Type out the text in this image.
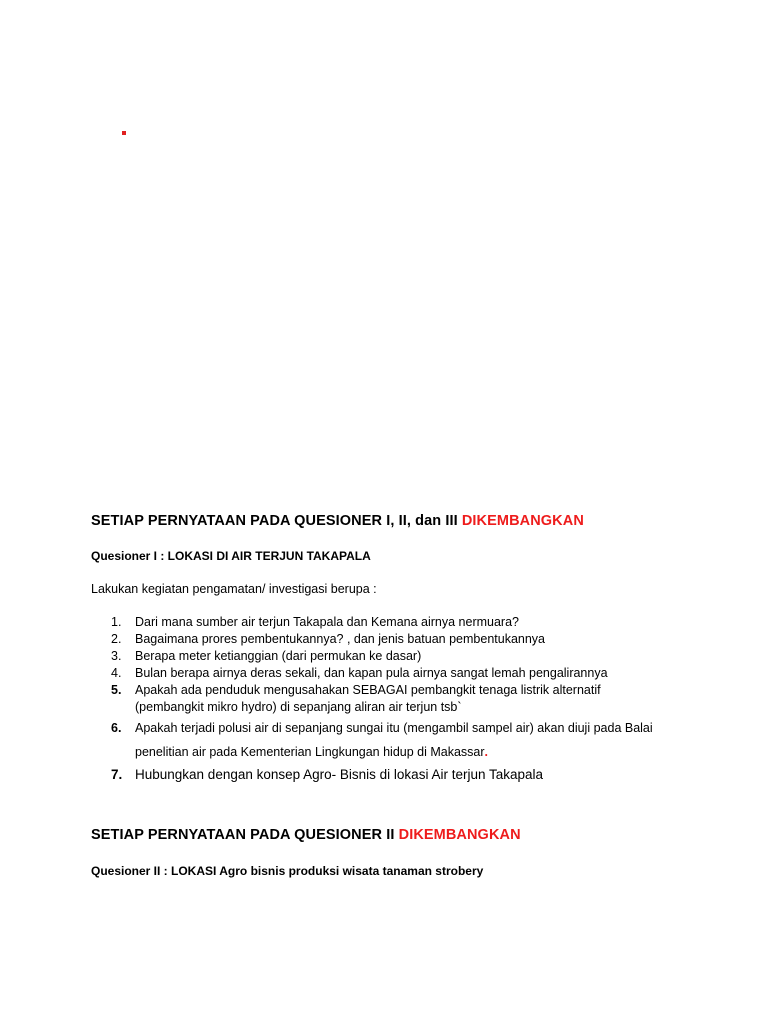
SETIAP PERNYATAAN PADA QUESIONER I, II, dan III DIKEMBANGKAN
Quesioner I : LOKASI DI AIR TERJUN TAKAPALA
Lakukan kegiatan pengamatan/ investigasi berupa :
1. Dari mana sumber air terjun Takapala dan Kemana airnya nermuara?
2. Bagaimana prores pembentukannya? , dan jenis batuan pembentukannya
3. Berapa meter ketianggian (dari permukan ke dasar)
4. Bulan berapa airnya deras sekali, dan kapan pula airnya sangat lemah pengalirannya
5. Apakah ada penduduk mengusahakan SEBAGAI pembangkit tenaga listrik alternatif
(pembangkit mikro hydro) di sepanjang aliran air terjun tsb`
6. Apakah terjadi polusi air di sepanjang sungai itu (mengambil sampel air) akan diuji pada Balai
penelitian air pada Kementerian Lingkungan hidup di Makassar.
7. Hubungkan dengan konsep Agro- Bisnis di lokasi Air terjun Takapala
SETIAP PERNYATAAN PADA QUESIONER II DIKEMBANGKAN
Quesioner II : LOKASI Agro bisnis produksi wisata tanaman strobery
